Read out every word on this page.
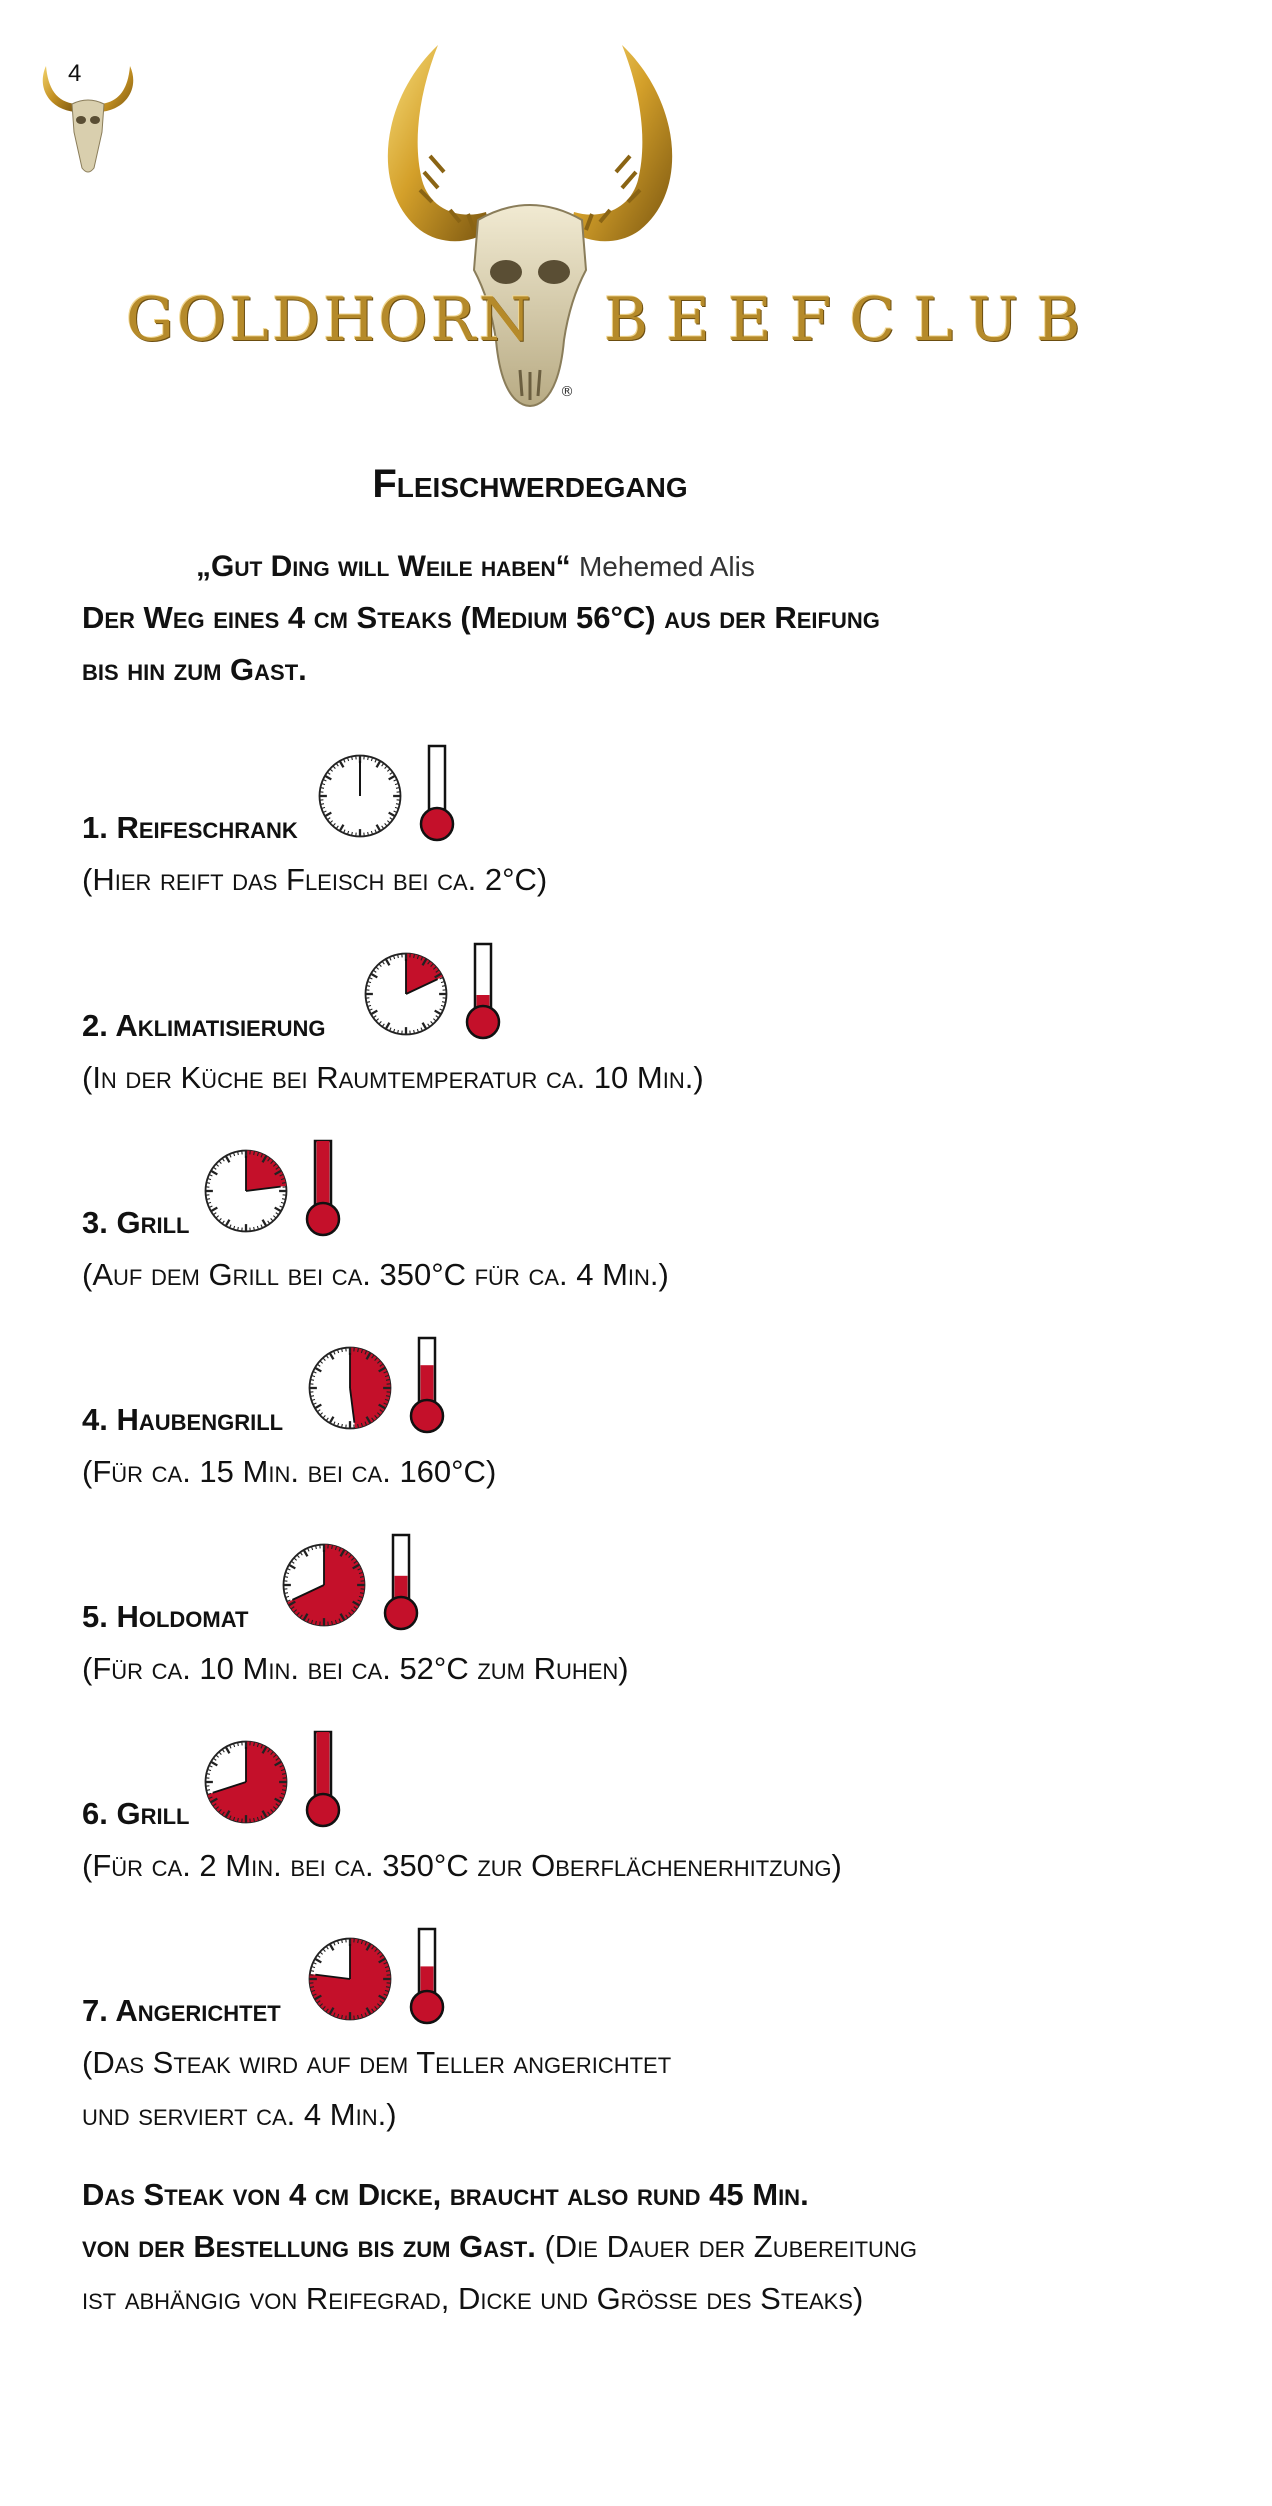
4
®
GOLDHORN BEEFCLUB
Fleischwerdegang
„Gut Ding will Weile haben“ Mehemed Alis
Der Weg eines 4 cm Steaks (Medium 56°C) aus der Reifung
bis hin zum Gast.
1. Reifeschrank
(Hier reift das Fleisch bei ca. 2°C)
2. Aklimatisierung
(In der Küche bei Raumtemperatur ca. 10 Min.)
3. Grill
(Auf dem Grill bei ca. 350°C für ca. 4 Min.)
4. Haubengrill
(Für ca. 15 Min. bei ca. 160°C)
5. Holdomat
(Für ca. 10 Min. bei ca. 52°C zum Ruhen)
6. Grill
(Für ca. 2 Min. bei ca. 350°C zur Oberflächenerhitzung)
7. Angerichtet
(Das Steak wird auf dem Teller angerichtet
und serviert ca. 4 Min.)
Das Steak von 4 cm Dicke, braucht also rund 45 Min.
von der Bestellung bis zum Gast. (Die Dauer der Zubereitung
ist abhängig von Reifegrad, Dicke und Größe des Steaks)
